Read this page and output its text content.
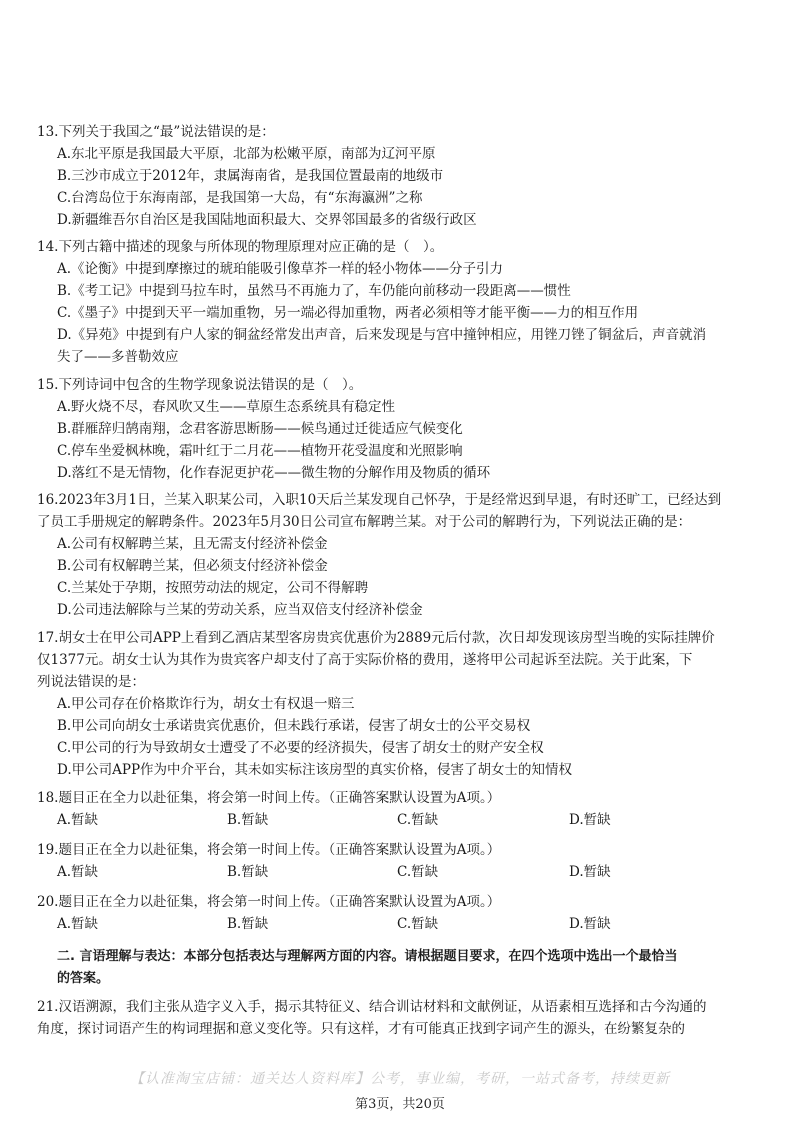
13.下列关于我国之“最”说法错误的是：

A.东北平原是我国最大平原，北部为松嫩平原，南部为辽河平原

B.三沙市成立于2012年，隶属海南省，是我国位置最南的地级市

C.台湾岛位于东海南部，是我国第一大岛，有“东海瀛洲”之称

D.新疆维吾尔自治区是我国陆地面积最大、交界邻国最多的省级行政区

14.下列古籍中描述的现象与所体现的物理原理对应正确的是（　）。

A.《论衡》中提到摩擦过的琥珀能吸引像草芥一样的轻小物体——分子引力

B.《考工记》中提到马拉车时，虽然马不再施力了，车仍能向前移动一段距离——惯性

C.《墨子》中提到天平一端加重物，另一端必得加重物，两者必须相等才能平衡——力的相互作用

D.《异苑》中提到有户人家的铜盆经常发出声音，后来发现是与宫中撞钟相应，用锉刀锉了铜盆后，声音就消

失了——多普勒效应

15.下列诗词中包含的生物学现象说法错误的是（　）。

A.野火烧不尽，春风吹又生——草原生态系统具有稳定性

B.群雁辞归鹄南翔，念君客游思断肠——候鸟通过迁徙适应气候变化

C.停车坐爱枫林晚，霜叶红于二月花——植物开花受温度和光照影响

D.落红不是无情物，化作春泥更护花——微生物的分解作用及物质的循环

16.2023年3月1日，兰某入职某公司，入职10天后兰某发现自己怀孕，于是经常迟到早退，有时还旷工，已经达到

了员工手册规定的解聘条件。2023年5月30日公司宣布解聘兰某。对于公司的解聘行为，下列说法正确的是：

A.公司有权解聘兰某，且无需支付经济补偿金

B.公司有权解聘兰某，但必须支付经济补偿金

C.兰某处于孕期，按照劳动法的规定，公司不得解聘

D.公司违法解除与兰某的劳动关系，应当双倍支付经济补偿金

17.胡女士在甲公司APP上看到乙酒店某型客房贵宾优惠价为2889元后付款，次日却发现该房型当晚的实际挂牌价

仅1377元。胡女士认为其作为贵宾客户却支付了高于实际价格的费用，遂将甲公司起诉至法院。关于此案，下

列说法错误的是：

A.甲公司存在价格欺诈行为，胡女士有权退一赔三

B.甲公司向胡女士承诺贵宾优惠价，但未践行承诺，侵害了胡女士的公平交易权

C.甲公司的行为导致胡女士遭受了不必要的经济损失，侵害了胡女士的财产安全权

D.甲公司APP作为中介平台，其未如实标注该房型的真实价格，侵害了胡女士的知情权

18.题目正在全力以赴征集，将会第一时间上传。（正确答案默认设置为A项。）

A.暂缺	B.暂缺	C.暂缺	D.暂缺

19.题目正在全力以赴征集，将会第一时间上传。（正确答案默认设置为A项。）

A.暂缺	B.暂缺	C.暂缺	D.暂缺

20.题目正在全力以赴征集，将会第一时间上传。（正确答案默认设置为A项。）

A.暂缺	B.暂缺	C.暂缺	D.暂缺
二. 言语理解与表达：本部分包括表达与理解两方面的内容。请根据题目要求，在四个选项中选出一个最恰当
的答案。

21.汉语溯源，我们主张从造字义入手，揭示其特征义、结合训诂材料和文献例证，从语素相互选择和古今沟通的

角度，探讨词语产生的构词理据和意义变化等。只有这样，才有可能真正找到字词产生的源头，在纷繁复杂的

【认准淘宝店铺：通关达人资料库】公考，事业编，考研，一站式备考，持续更新
第3页，共20页
